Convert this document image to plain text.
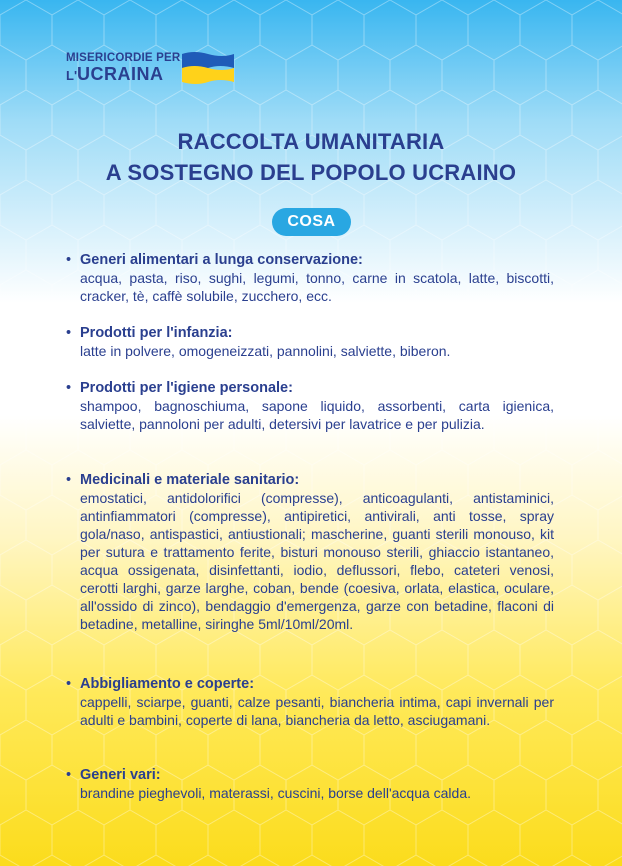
MISERICORDIE PER
L'UCRAINA
RACCOLTA UMANITARIA
A SOSTEGNO DEL POPOLO UCRAINO
COSA
• Generi alimentari a lunga conservazione:
acqua, pasta, riso, sughi, legumi, tonno, carne in scatola, latte, biscotti, cracker, tè, caffè solubile, zucchero, ecc.
• Prodotti per l'infanzia:
latte in polvere, omogeneizzati, pannolini, salviette, biberon.
• Prodotti per l'igiene personale:
shampoo, bagnoschiuma, sapone liquido, assorbenti, carta igienica, salviette, pannoloni per adulti, detersivi per lavatrice e per pulizia.
• Medicinali e materiale sanitario:
emostatici, antidolorifici (compresse), anticoagulanti, antistaminici, antinfiammatori (compresse), antipiretici, antivirali, anti tosse, spray gola/naso, antispastici, antiustionali; mascherine, guanti sterili monouso, kit per sutura e trattamento ferite, bisturi monouso sterili, ghiaccio istantaneo, acqua ossigenata, disinfettanti, iodio, deflussori, flebo, cateteri venosi, cerotti larghi, garze larghe, coban, bende (coesiva, orlata, elastica, oculare, all'ossido di zinco), bendaggio d'emergenza, garze con betadine, flaconi di betadine, metalline, siringhe 5ml/10ml/20ml.
• Abbigliamento e coperte:
cappelli, sciarpe, guanti, calze pesanti, biancheria intima, capi invernali per adulti e bambini, coperte di lana, biancheria da letto, asciugamani.
• Generi vari:
brandine pieghevoli, materassi, cuscini, borse dell'acqua calda.
